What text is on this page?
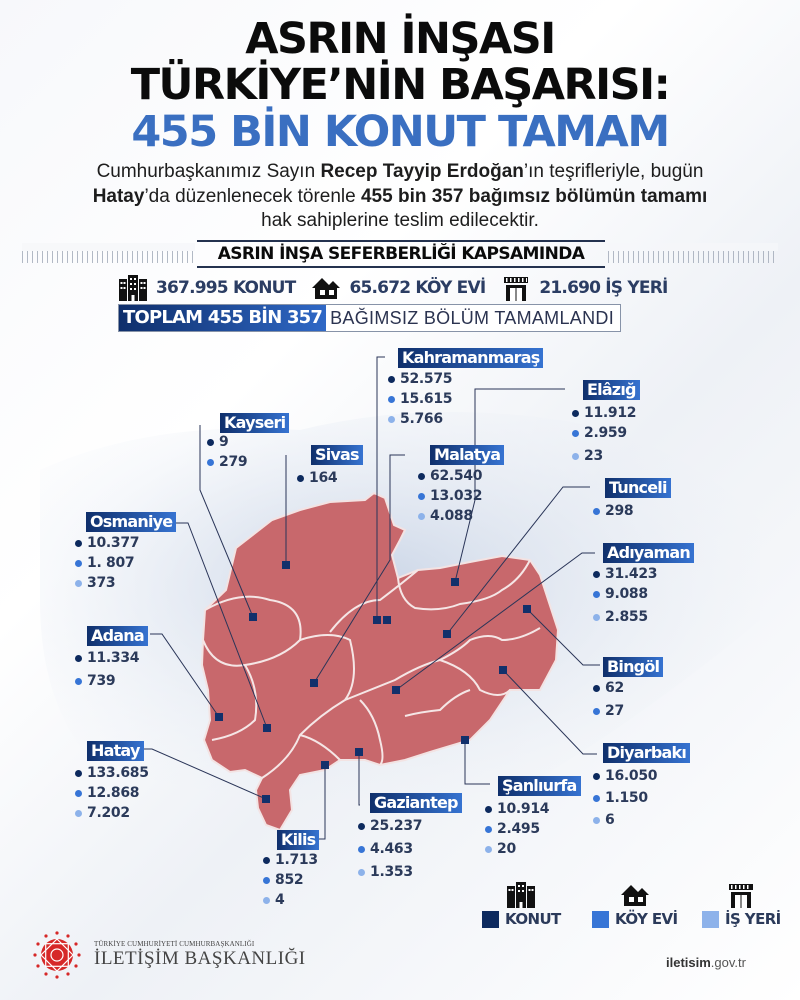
ASRIN İNŞASI
TÜRKİYE’NİN BAŞARISI:
455 BİN KONUT TAMAM
Cumhurbaşkanımız Sayın Recep Tayyip Erdoğan’ın teşrifleriyle, bugün
Hatay’da düzenlenecek törenle 455 bin 357 bağımsız bölümün tamamı
hak sahiplerine teslim edilecektir.
ASRIN İNŞA SEFERBERLİĞİ KAPSAMINDA
367.995 KONUT	65.672 KÖY EVİ	21.690 İŞ YERİ
TOPLAM 455 BİN 357 BAĞIMSIZ BÖLÜM TAMAMLANDI
Kahramanmaraş
52.575
15.615
5.766
Elâzığ
11.912
2.959
23
Kayseri
9
279	Sivas
164
Malatya
62.540
13.032
4.088
Tunceli
298
Osmaniye
10.377
1. 807
373
Adıyaman
31.423
9.088
2.855
Adana
11.334
739
Bingöl
62
27
Hatay
133.685
12.868
7.202
Diyarbakı
16.050
1.150
6
Şanlıurfa
10.914
2.495
20
Gaziantep
25.237
4.463
1.353
Kilis
1.713
852
4
KONUT	KÖY EVİ	İŞ YERİ
TÜRKİYE CUMHURİYETİ CUMHURBAŞKANLIĞI
İLETİŞİM BAŞKANLIĞI	iletisim.gov.tr
